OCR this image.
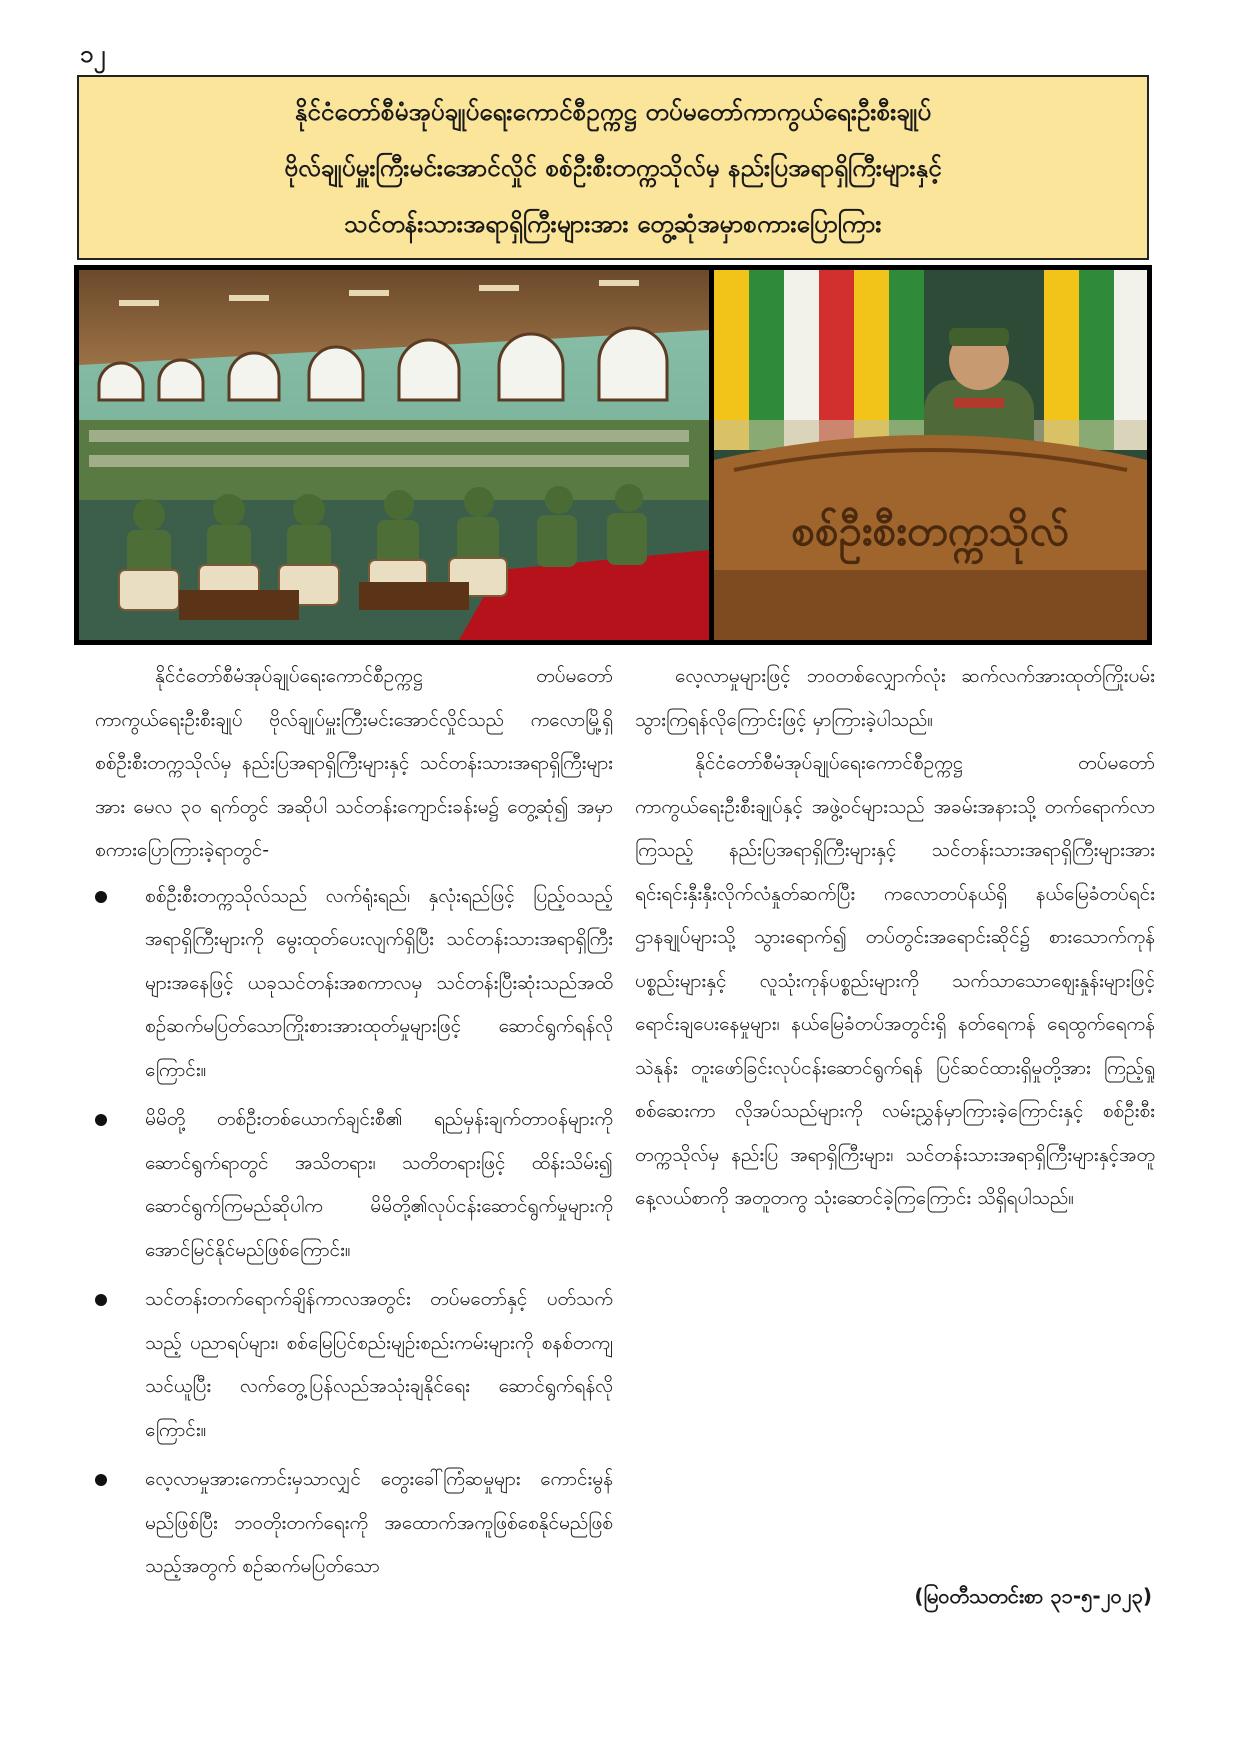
၁၂
နိုင်ငံတော်စီမံအုပ်ချုပ်ရေးကောင်စီဥက္ကဋ္ဌ တပ်မတော်ကာကွယ်ရေးဦးစီးချုပ်
ဗိုလ်ချုပ်မှူးကြီးမင်းအောင်လှိုင် စစ်ဦးစီးတက္ကသိုလ်မှ နည်းပြအရာရှိကြီးများနှင့်
သင်တန်းသားအရာရှိကြီးများအား တွေ့ဆုံအမှာစကားပြောကြား
စစ်ဦးစီးတက္ကသိုလ်

နိုင်ငံတော်စီမံအုပ်ချုပ်ရေးကောင်စီဥက္ကဋ္ဌ တပ်မတော်ကာကွယ်ရေးဦးစီးချုပ် ဗိုလ်ချုပ်မှူးကြီးမင်းအောင်လှိုင်သည် ကလောမြို့ရှိ စစ်ဦးစီးတက္ကသိုလ်မှ နည်းပြအရာရှိကြီးများနှင့် သင်တန်းသားအရာရှိကြီးများအား မေလ ၃၀ ရက်တွင် အဆိုပါ သင်တန်းကျောင်းခန်းမ၌ တွေ့ဆုံ၍ အမှာစကားပြောကြားခဲ့ရာတွင်-

စစ်ဦးစီးတက္ကသိုလ်သည် လက်ရုံးရည်၊ နှလုံးရည်ဖြင့် ပြည့်ဝသည့် အရာရှိကြီးများကို မွေးထုတ်ပေးလျက်ရှိပြီး သင်တန်းသားအရာရှိကြီးများအနေဖြင့် ယခုသင်တန်းအစကာလမှ သင်တန်းပြီးဆုံးသည်အထိ စဉ်ဆက်မပြတ်သောကြိုးစားအားထုတ်မှုများဖြင့် ဆောင်ရွက်ရန်လိုကြောင်း။
မိမိတို့ တစ်ဦးတစ်ယောက်ချင်းစီ၏ ရည်မှန်းချက်တာဝန်များကို ဆောင်ရွက်ရာတွင် အသိတရား၊ သတိတရားဖြင့် ထိန်းသိမ်း၍ ဆောင်ရွက်ကြမည်ဆိုပါက မိမိတို့၏လုပ်ငန်းဆောင်ရွက်မှုများကို အောင်မြင်နိုင်မည်ဖြစ်ကြောင်း။
သင်တန်းတက်ရောက်ချိန်ကာလအတွင်း တပ်မတော်နှင့် ပတ်သက်သည့် ပညာရပ်များ၊ စစ်မြေပြင်စည်းမျဉ်းစည်းကမ်းများကို စနစ်တကျသင်ယူပြီး လက်တွေ့ပြန်လည်အသုံးချနိုင်ရေး ဆောင်ရွက်ရန်လိုကြောင်း။
လေ့လာမှုအားကောင်းမှသာလျှင် တွေးခေါ်ကြံဆမှုများ ကောင်းမွန်မည်ဖြစ်ပြီး ဘဝတိုးတက်ရေးကို အထောက်အကူဖြစ်စေနိုင်မည်ဖြစ်သည့်အတွက် စဉ်ဆက်မပြတ်သော

လေ့လာမှုများဖြင့် ဘဝတစ်လျှောက်လုံး ဆက်လက်အားထုတ်ကြိုးပမ်းသွားကြရန်လိုကြောင်းဖြင့် မှာကြားခဲ့ပါသည်။

နိုင်ငံတော်စီမံအုပ်ချုပ်ရေးကောင်စီဥက္ကဋ္ဌ တပ်မတော်ကာကွယ်ရေးဦးစီးချုပ်နှင့် အဖွဲ့ဝင်များသည် အခမ်းအနားသို့ တက်ရောက်လာကြသည့် နည်းပြအရာရှိကြီးများနှင့် သင်တန်းသားအရာရှိကြီးများအား ရင်းရင်းနှီးနှီးလိုက်လံနှုတ်ဆက်ပြီး ကလောတပ်နယ်ရှိ နယ်မြေခံတပ်ရင်းဌာနချုပ်များသို့ သွားရောက်၍ တပ်တွင်းအရောင်းဆိုင်၌ စားသောက်ကုန်ပစ္စည်းများနှင့် လူသုံးကုန်ပစ္စည်းများကို သက်သာသောဈေးနှုန်းများဖြင့် ရောင်းချပေးနေမှုများ၊ နယ်မြေခံတပ်အတွင်းရှိ နတ်ရေကန် ရေထွက်ရေကန်သဲနုန်း တူးဖော်ခြင်းလုပ်ငန်းဆောင်ရွက်ရန် ပြင်ဆင်ထားရှိမှုတို့အား ကြည့်ရှုစစ်ဆေးကာ လိုအပ်သည်များကို လမ်းညွှန်မှာကြားခဲ့ကြောင်းနှင့် စစ်ဦးစီးတက္ကသိုလ်မှ နည်းပြ အရာရှိကြီးများ၊ သင်တန်းသားအရာရှိကြီးများနှင့်အတူ နေ့လယ်စာကို အတူတကွ သုံးဆောင်ခဲ့ကြကြောင်း သိရှိရပါသည်။

(မြဝတီသတင်းစာ ၃၁-၅-၂၀၂၃)
